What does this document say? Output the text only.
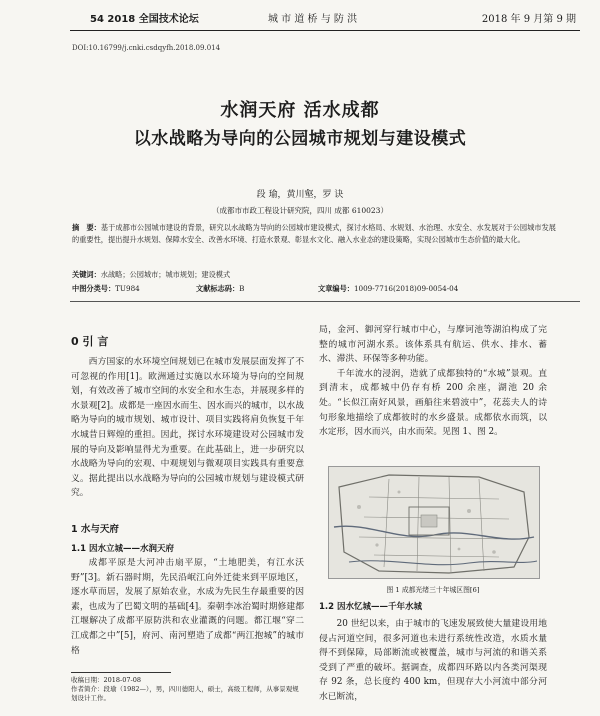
54 2018 全国技术论坛	城 市 道 桥 与 防 洪	2018 年 9 月第 9 期
DOI:10.16799/j.cnki.csdqyfh.2018.09.014
水润天府 活水成都
以水战略为导向的公园城市规划与建设模式
段 瑜，黄川壑，罗 诀
（成都市市政工程设计研究院，四川 成都 610023）
摘　要：基于成都市公园城市建设的背景，研究以水战略为导向的公园城市建设模式，探讨水格局、水规划、水治理、水安全、水发展对于公园城市发展的重要性，提出提升水规划、保障水安全、改善水环境、打造水景观、彰显水文化、融入水业态的建设策略，实现公园城市生态价值的最大化。
关键词：水战略；公园城市；城市规划；建设模式
中图分类号：TU984	文献标志码：B	文章编号：1009-7716(2018)09-0054-04
0 引 言

西方国家的水环境空间规划已在城市发展层面发挥了不可忽视的作用[1]。欧洲通过实施以水环境为导向的空间规划，有效改善了城市空间的水安全和水生态，并展现多样的水景观[2]。成都是一座因水而生、因水而兴的城市，以水战略为导向的城市规划、城市设计、项目实践将肩负恢复千年水城昔日辉煌的重担。因此，探讨水环境建设对公园城市发展的导向及影响显得尤为重要。在此基础上，进一步研究以水战略为导向的宏观、中观规划与微观项目实践具有重要意义。据此提出以水战略为导向的公园城市规划与建设模式研究。

1 水与天府
1.1 因水立城——水润天府

成都平原是大河冲击扇平原，“土地肥美，有江水沃野”[3]。新石器时期，先民沿岷江向外迁徙来到平原地区，逐水草而居，发展了原始农业，水成为先民生存最重要的因素，也成为了巴蜀文明的基础[4]。秦朝李冰治蜀时期修建都江堰解决了成都平原防洪和农业灌溉的问题。都江堰“穿二江成都之中”[5]，府河、南河塑造了成都“两江抱城”的城市格

局，金河、御河穿行城市中心，与摩诃池等湖泊构成了完整的城市河湖水系。该体系具有航运、供水、排水、蓄水、滞洪、环保等多种功能。

千年流水的浸润，造就了成都独特的“水城”景观。直到清末，成都城中仍存有桥 200 余座，湖池 20 余处。“长似江南好风景，画船往来碧波中”，花蕊夫人的诗句形象地描绘了成都彼时的水乡盛景。成都依水而筑，以水定形，因水而兴，由水而荣。见图 1、图 2。

图 1 成都光绪三十年城区图[6]
1.2 因水忆城——千年水城

20 世纪以来，由于城市的飞速发展致使大量建设用地侵占河道空间，很多河道也未进行系统性改造，水质水量得不到保障，局部断流或被覆盖，城市与河流的和谐关系受到了严重的破坏。据调查，成都四环路以内各类河渠现存 92 条，总长度约 400 km，但现存大小河流中部分河水已断流，

收稿日期：2018-07-08
作者简介：段瑜（1982—），男，四川德阳人，硕士，高级工程师，从事景观规划设计工作。
